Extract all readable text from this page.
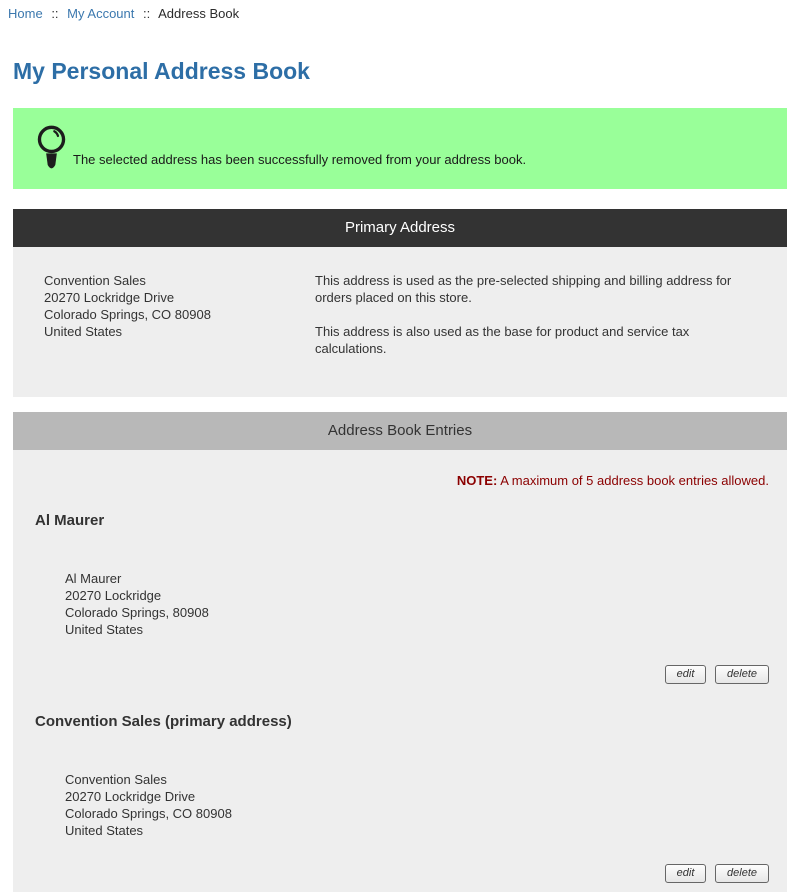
Home :: My Account :: Address Book
My Personal Address Book
The selected address has been successfully removed from your address book.
Primary Address
Convention Sales
20270 Lockridge Drive
Colorado Springs, CO 80908
United States

This address is used as the pre-selected shipping and billing address for orders placed on this store.

This address is also used as the base for product and service tax calculations.

Address Book Entries
NOTE: A maximum of 5 address book entries allowed.
Al Maurer
Al Maurer
20270 Lockridge
Colorado Springs, 80908
United States
edit	delete
Convention Sales (primary address)
Convention Sales
20270 Lockridge Drive
Colorado Springs, CO 80908
United States
edit	delete
